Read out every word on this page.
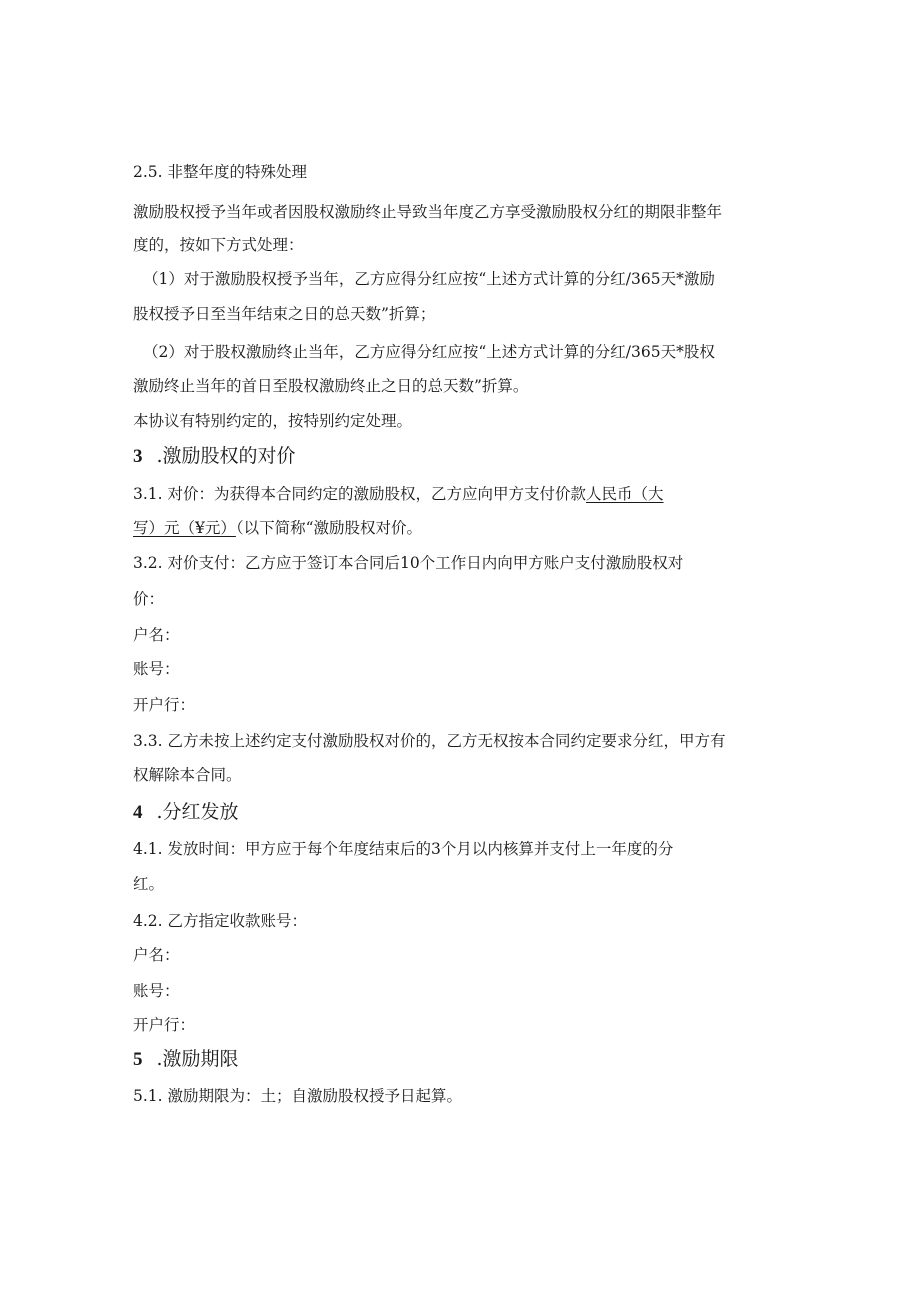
2.5. 非整年度的特殊处理
激励股权授予当年或者因股权激励终止导致当年度乙方享受激励股权分红的期限非整年
度的，按如下方式处理：
（1）对于激励股权授予当年，乙方应得分红应按“上述方式计算的分红/365天*激励
股权授予日至当年结束之日的总天数”折算；
（2）对于股权激励终止当年，乙方应得分红应按“上述方式计算的分红/365天*股权
激励终止当年的首日至股权激励终止之日的总天数”折算。
本协议有特别约定的，按特别约定处理。
3 .激励股权的对价
3.1. 对价：为获得本合同约定的激励股权，乙方应向甲方支付价款人民币（大
写）元（¥元）（以下简称“激励股权对价。
3.2. 对价支付：乙方应于签订本合同后10个工作日内向甲方账户支付激励股权对
价：
户名：
账号：
开户行：
3.3. 乙方未按上述约定支付激励股权对价的，乙方无权按本合同约定要求分红，甲方有
权解除本合同。
4 .分红发放
4.1. 发放时间：甲方应于每个年度结束后的3个月以内核算并支付上一年度的分
红。
4.2. 乙方指定收款账号：
户名：
账号：
开户行：
5 .激励期限
5.1. 激励期限为：土；自激励股权授予日起算。
